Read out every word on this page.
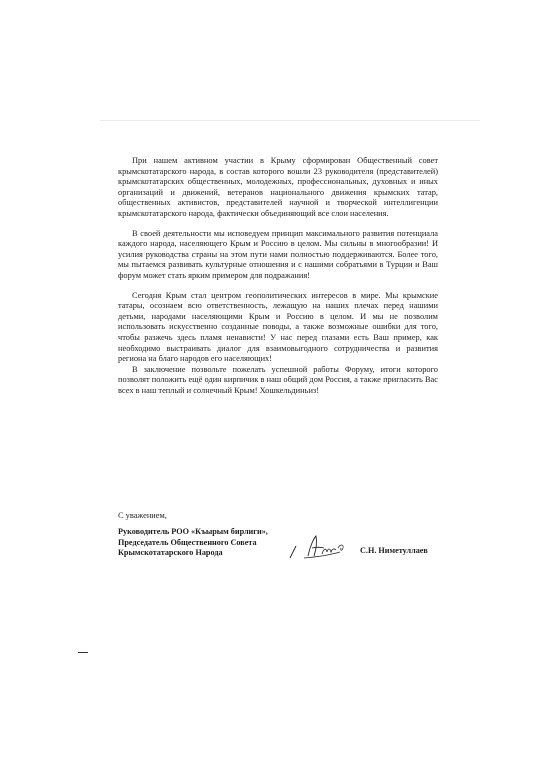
При нашем активном участии в Крыму сформирован Общественный совет крымскотатарского народа, в состав которого вошли 23 руководителя (представителей) крымскотатарских общественных, молодежных, профессиональных, духовных и иных организаций и движений, ветеранов национального движения крымских татар, общественных активистов, представителей научной и творческой интеллигенции крымскотатарского народа, фактически объединяющий все слои населения.

В своей деятельности мы исповедуем принцип максимального развития потенциала каждого народа, населяющего Крым и Россию в целом. Мы сильны в многообразии! И усилия руководства страны на этом пути нами полностью поддерживаются. Более того, мы пытаемся развивать культурные отношения и с нашими собратьями в Турции и Ваш форум может стать ярким примером для подражания!

Сегодня Крым стал центром геополитических интересов в мире. Мы крымские татары, осознаем всю ответственность, лежащую на наших плечах перед нашими детьми, народами населяющими Крым и Россию в целом. И мы не позволим использовать искусственно созданные поводы, а также возможные ошибки для того, чтобы разжечь здесь пламя ненависти! У нас перед глазами есть Ваш пример, как необходимо выстраивать диалог для взаимовыгодного сотрудничества и развития региона на благо народов его населяющих!

В заключение позвольте пожелать успешной работы Форуму, итоги которого позволят положить ещё один кирпичик в наш общий дом Россия, а также пригласить Вас всех в наш теплый и солнечный Крым! Хошкельдиньиз!

С уважением,
Руководитель РОО «Къырым бирлиги»,
Председатель Общественного Совета
Крымскотатарского Народа	С.Н. Ниметуллаев
